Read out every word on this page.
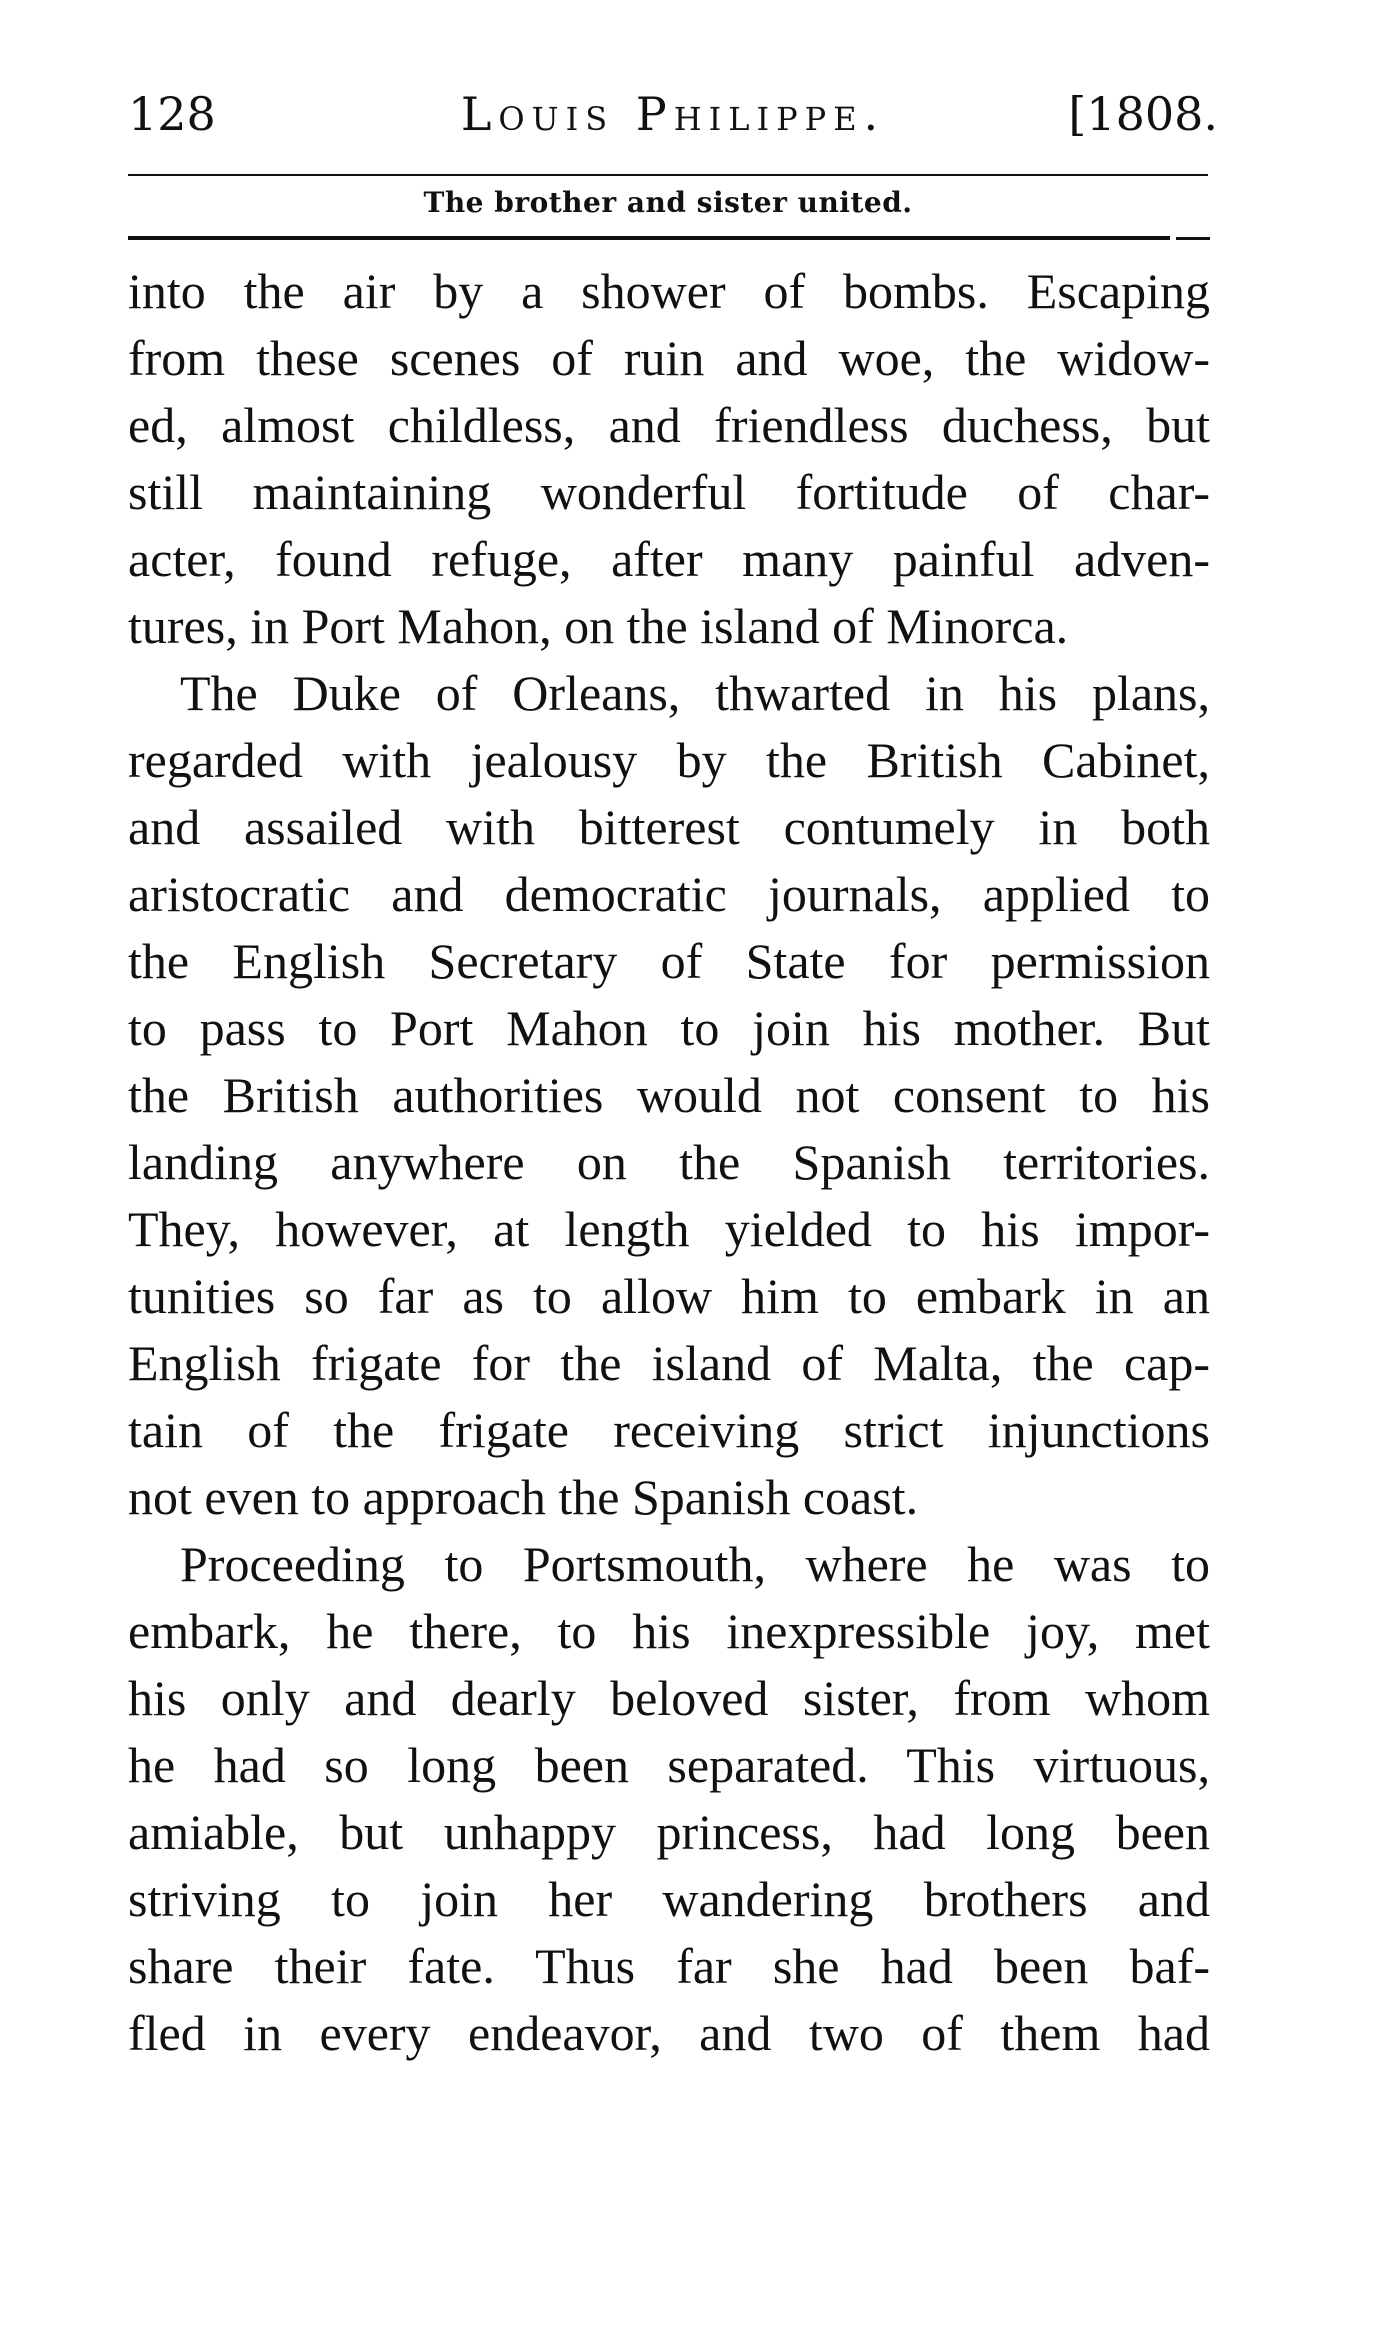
128	Louis Philippe.	[1808.
The brother and sister united.
into the air by a shower of bombs. Escaping
from these scenes of ruin and woe, the widow-
ed, almost childless, and friendless duchess, but
still maintaining wonderful fortitude of char-
acter, found refuge, after many painful adven-
tures, in Port Mahon, on the island of Minorca.
The Duke of Orleans, thwarted in his plans,
regarded with jealousy by the British Cabinet,
and assailed with bitterest contumely in both
aristocratic and democratic journals, applied to
the English Secretary of State for permission
to pass to Port Mahon to join his mother. But
the British authorities would not consent to his
landing anywhere on the Spanish territories.
They, however, at length yielded to his impor-
tunities so far as to allow him to embark in an
English frigate for the island of Malta, the cap-
tain of the frigate receiving strict injunctions
not even to approach the Spanish coast.
Proceeding to Portsmouth, where he was to
embark, he there, to his inexpressible joy, met
his only and dearly beloved sister, from whom
he had so long been separated. This virtuous,
amiable, but unhappy princess, had long been
striving to join her wandering brothers and
share their fate. Thus far she had been baf-
fled in every endeavor, and two of them had
